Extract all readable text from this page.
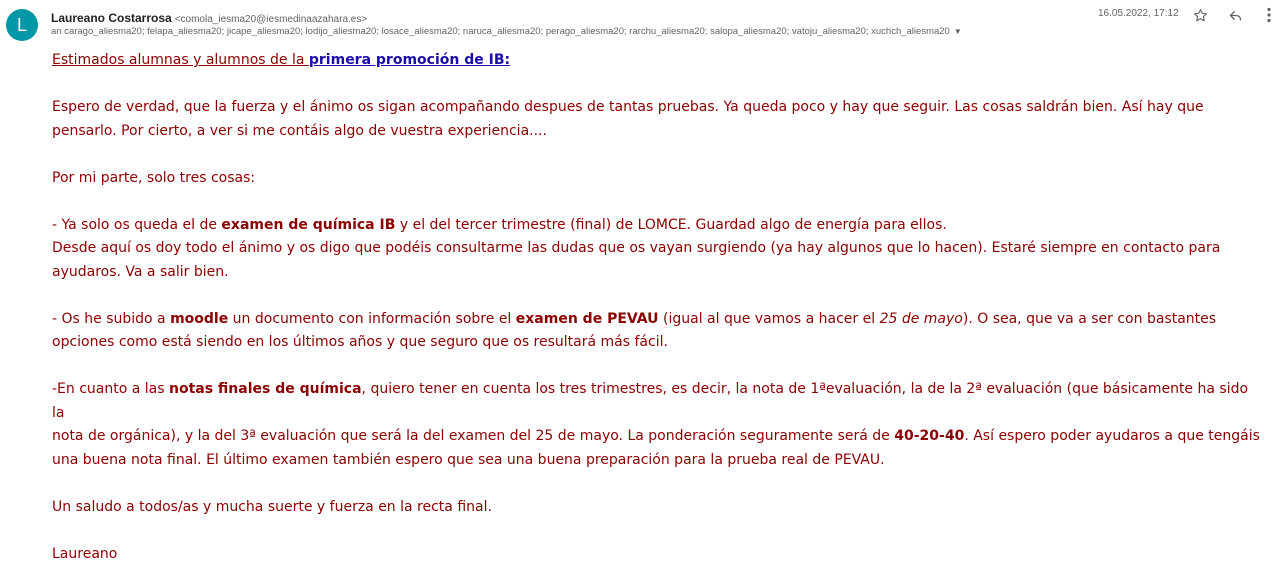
L	Laureano Costarrosa <comola_iesma20@iesmedinaazahara.es>
an carago_aliesma20; felapa_aliesma20; jicape_aliesma20; lodijo_aliesma20; losace_aliesma20; naruca_aliesma20; perago_aliesma20; rarchu_aliesma20; salopa_aliesma20; vatoju_aliesma20; xuchch_aliesma20 ▼
16.05.2022, 17:12

Estimados alumnas y alumnos de la primera promoción de IB:

Espero de verdad, que la fuerza y el ánimo os sigan acompañando despues de tantas pruebas. Ya queda poco y hay que seguir. Las cosas saldrán bien. Así hay que

pensarlo. Por cierto, a ver si me contáis algo de vuestra experiencia....

Por mi parte, solo tres cosas:

- Ya solo os queda el de examen de química IB y el del tercer trimestre (final) de LOMCE. Guardad algo de energía para ellos.

Desde aquí os doy todo el ánimo y os digo que podéis consultarme las dudas que os vayan surgiendo (ya hay algunos que lo hacen). Estaré siempre en contacto para

ayudaros. Va a salir bien.

- Os he subido a moodle un documento con información sobre el examen de PEVAU (igual al que vamos a hacer el 25 de mayo). O sea, que va a ser con bastantes

opciones como está siendo en los últimos años y que seguro que os resultará más fácil.

-En cuanto a las notas finales de química, quiero tener en cuenta los tres trimestres, es decir, la nota de 1ªevaluación, la de la 2ª evaluación (que básicamente ha sido la

nota de orgánica), y la del 3ª evaluación que será la del examen del 25 de mayo. La ponderación seguramente será de 40-20-40. Así espero poder ayudaros a que tengáis

una buena nota final. El último examen también espero que sea una buena preparación para la prueba real de PEVAU.

Un saludo a todos/as y mucha suerte y fuerza en la recta final.

Laureano
